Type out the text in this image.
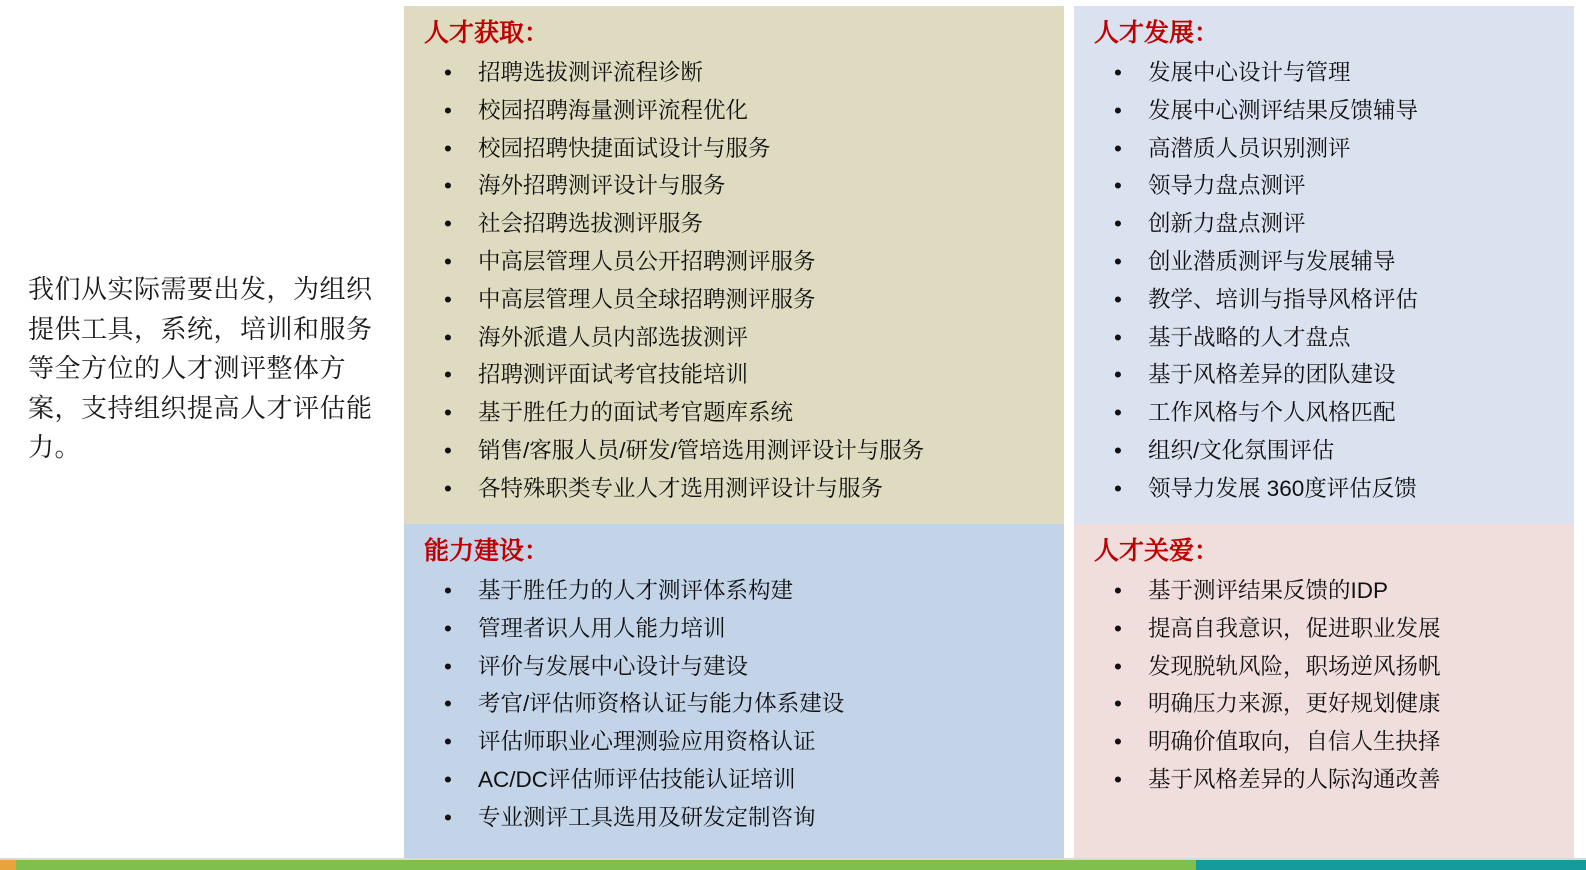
我们从实际需要出发，为组织提供工具，系统，培训和服务等全方位的人才测评整体方案，支持组织提高人才评估能力。
人才获取：
• 招聘选拔测评流程诊断
• 校园招聘海量测评流程优化
• 校园招聘快捷面试设计与服务
• 海外招聘测评设计与服务
• 社会招聘选拔测评服务
• 中高层管理人员公开招聘测评服务
• 中高层管理人员全球招聘测评服务
• 海外派遣人员内部选拔测评
• 招聘测评面试考官技能培训
• 基于胜任力的面试考官题库系统
• 销售/客服人员/研发/管培选用测评设计与服务
• 各特殊职类专业人才选用测评设计与服务
能力建设：
• 基于胜任力的人才测评体系构建
• 管理者识人用人能力培训
• 评价与发展中心设计与建设
• 考官/评估师资格认证与能力体系建设
• 评估师职业心理测验应用资格认证
• AC/DC评估师评估技能认证培训
• 专业测评工具选用及研发定制咨询
人才发展：
• 发展中心设计与管理
• 发展中心测评结果反馈辅导
• 高潜质人员识别测评
• 领导力盘点测评
• 创新力盘点测评
• 创业潜质测评与发展辅导
• 教学、培训与指导风格评估
• 基于战略的人才盘点
• 基于风格差异的团队建设
• 工作风格与个人风格匹配
• 组织/文化氛围评估
• 领导力发展 360度评估反馈
人才关爱：
• 基于测评结果反馈的IDP
• 提高自我意识，促进职业发展
• 发现脱轨风险，职场逆风扬帆
• 明确压力来源，更好规划健康
• 明确价值取向，自信人生抉择
• 基于风格差异的人际沟通改善
